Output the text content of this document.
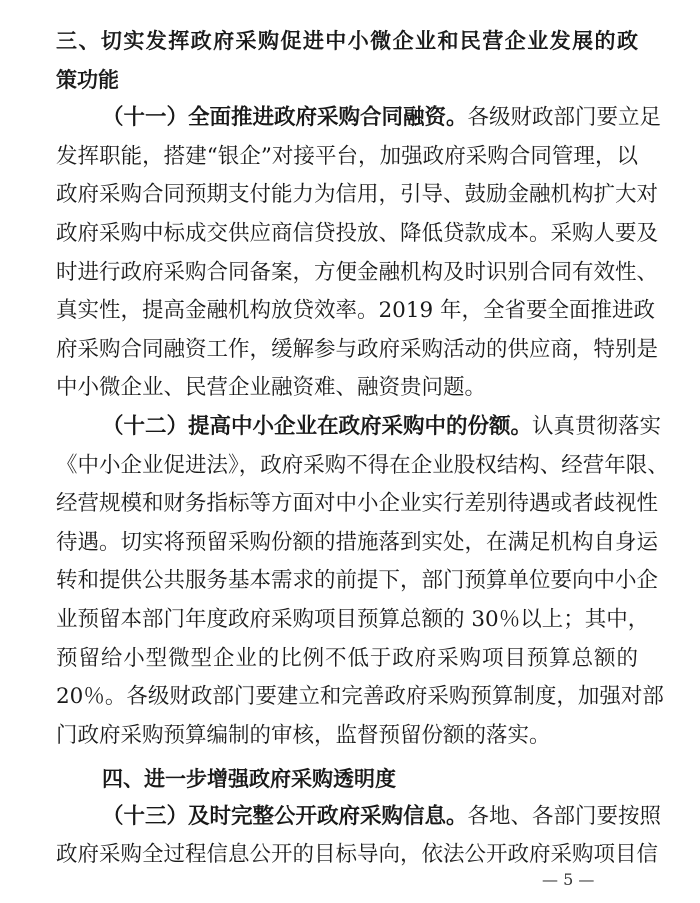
三、切实发挥政府采购促进中小微企业和民营企业发展的政
策功能
（十一）全面推进政府采购合同融资。各级财政部门要立足
发挥职能，搭建“银企”对接平台，加强政府采购合同管理，以
政府采购合同预期支付能力为信用，引导、鼓励金融机构扩大对
政府采购中标成交供应商信贷投放、降低贷款成本。采购人要及
时进行政府采购合同备案，方便金融机构及时识别合同有效性、
真实性，提高金融机构放贷效率。2019 年，全省要全面推进政
府采购合同融资工作，缓解参与政府采购活动的供应商，特别是
中小微企业、民营企业融资难、融资贵问题。
（十二）提高中小企业在政府采购中的份额。认真贯彻落实
《中小企业促进法》，政府采购不得在企业股权结构、经营年限、
经营规模和财务指标等方面对中小企业实行差别待遇或者歧视性
待遇。切实将预留采购份额的措施落到实处，在满足机构自身运
转和提供公共服务基本需求的前提下，部门预算单位要向中小企
业预留本部门年度政府采购项目预算总额的 30％以上；其中，
预留给小型微型企业的比例不低于政府采购项目预算总额的
20％。各级财政部门要建立和完善政府采购预算制度，加强对部
门政府采购预算编制的审核，监督预留份额的落实。
四、进一步增强政府采购透明度
（十三）及时完整公开政府采购信息。各地、各部门要按照
政府采购全过程信息公开的目标导向，依法公开政府采购项目信
— 5 —
